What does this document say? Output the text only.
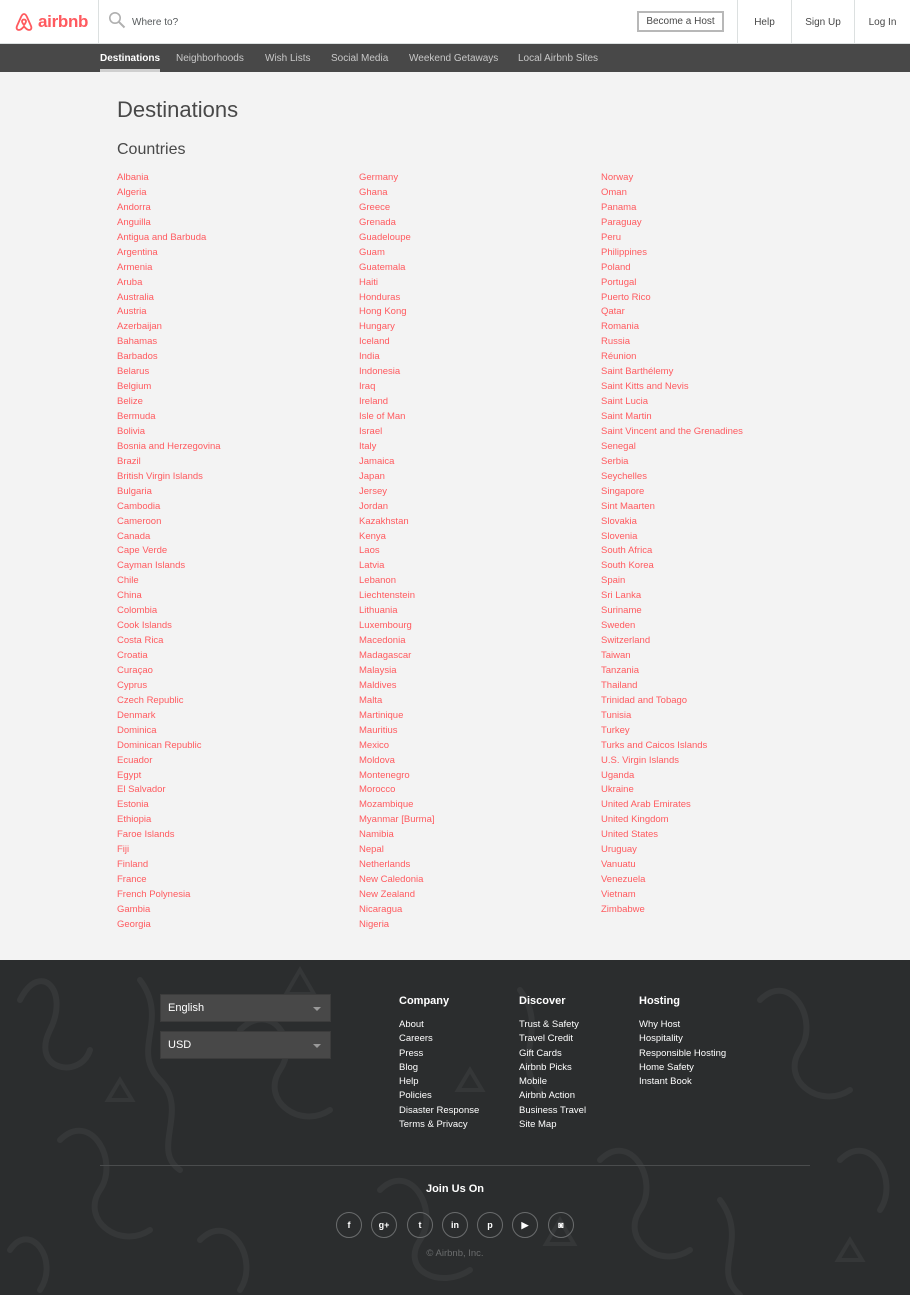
airbnb	Where to?	Become a Host	Help	Sign Up	Log In
Destinations Neighborhoods Wish Lists Social Media Weekend Getaways Local Airbnb Sites
Destinations
Countries
Albania
Algeria
Andorra
Anguilla
Antigua and Barbuda
Argentina
Armenia
Aruba
Australia
Austria
Azerbaijan
Bahamas
Barbados
Belarus
Belgium
Belize
Bermuda
Bolivia
Bosnia and Herzegovina
Brazil
British Virgin Islands
Bulgaria
Cambodia
Cameroon
Canada
Cape Verde
Cayman Islands
Chile
China
Colombia
Cook Islands
Costa Rica
Croatia
Curaçao
Cyprus
Czech Republic
Denmark
Dominica
Dominican Republic
Ecuador
Egypt
El Salvador
Estonia
Ethiopia
Faroe Islands
Fiji
Finland
France
French Polynesia
Gambia
Georgia
Germany
Ghana
Greece
Grenada
Guadeloupe
Guam
Guatemala
Haiti
Honduras
Hong Kong
Hungary
Iceland
India
Indonesia
Iraq
Ireland
Isle of Man
Israel
Italy
Jamaica
Japan
Jersey
Jordan
Kazakhstan
Kenya
Laos
Latvia
Lebanon
Liechtenstein
Lithuania
Luxembourg
Macedonia
Madagascar
Malaysia
Maldives
Malta
Martinique
Mauritius
Mexico
Moldova
Montenegro
Morocco
Mozambique
Myanmar [Burma]
Namibia
Nepal
Netherlands
New Caledonia
New Zealand
Nicaragua
Nigeria
Norway
Oman
Panama
Paraguay
Peru
Philippines
Poland
Portugal
Puerto Rico
Qatar
Romania
Russia
Réunion
Saint Barthélemy
Saint Kitts and Nevis
Saint Lucia
Saint Martin
Saint Vincent and the Grenadines
Senegal
Serbia
Seychelles
Singapore
Sint Maarten
Slovakia
Slovenia
South Africa
South Korea
Spain
Sri Lanka
Suriname
Sweden
Switzerland
Taiwan
Tanzania
Thailand
Trinidad and Tobago
Tunisia
Turkey
Turks and Caicos Islands
U.S. Virgin Islands
Uganda
Ukraine
United Arab Emirates
United Kingdom
United States
Uruguay
Vanuatu
Venezuela
Vietnam
Zimbabwe
English
USD
Company
About
Careers
Press
Blog
Help
Policies
Disaster Response
Terms & Privacy
Discover
Trust & Safety
Travel Credit
Gift Cards
Airbnb Picks
Mobile
Airbnb Action
Business Travel
Site Map
Hosting
Why Host
Hospitality
Responsible Hosting
Home Safety
Instant Book
Join Us On
f	g+	t	in	p	▶	◙
© Airbnb, Inc.
